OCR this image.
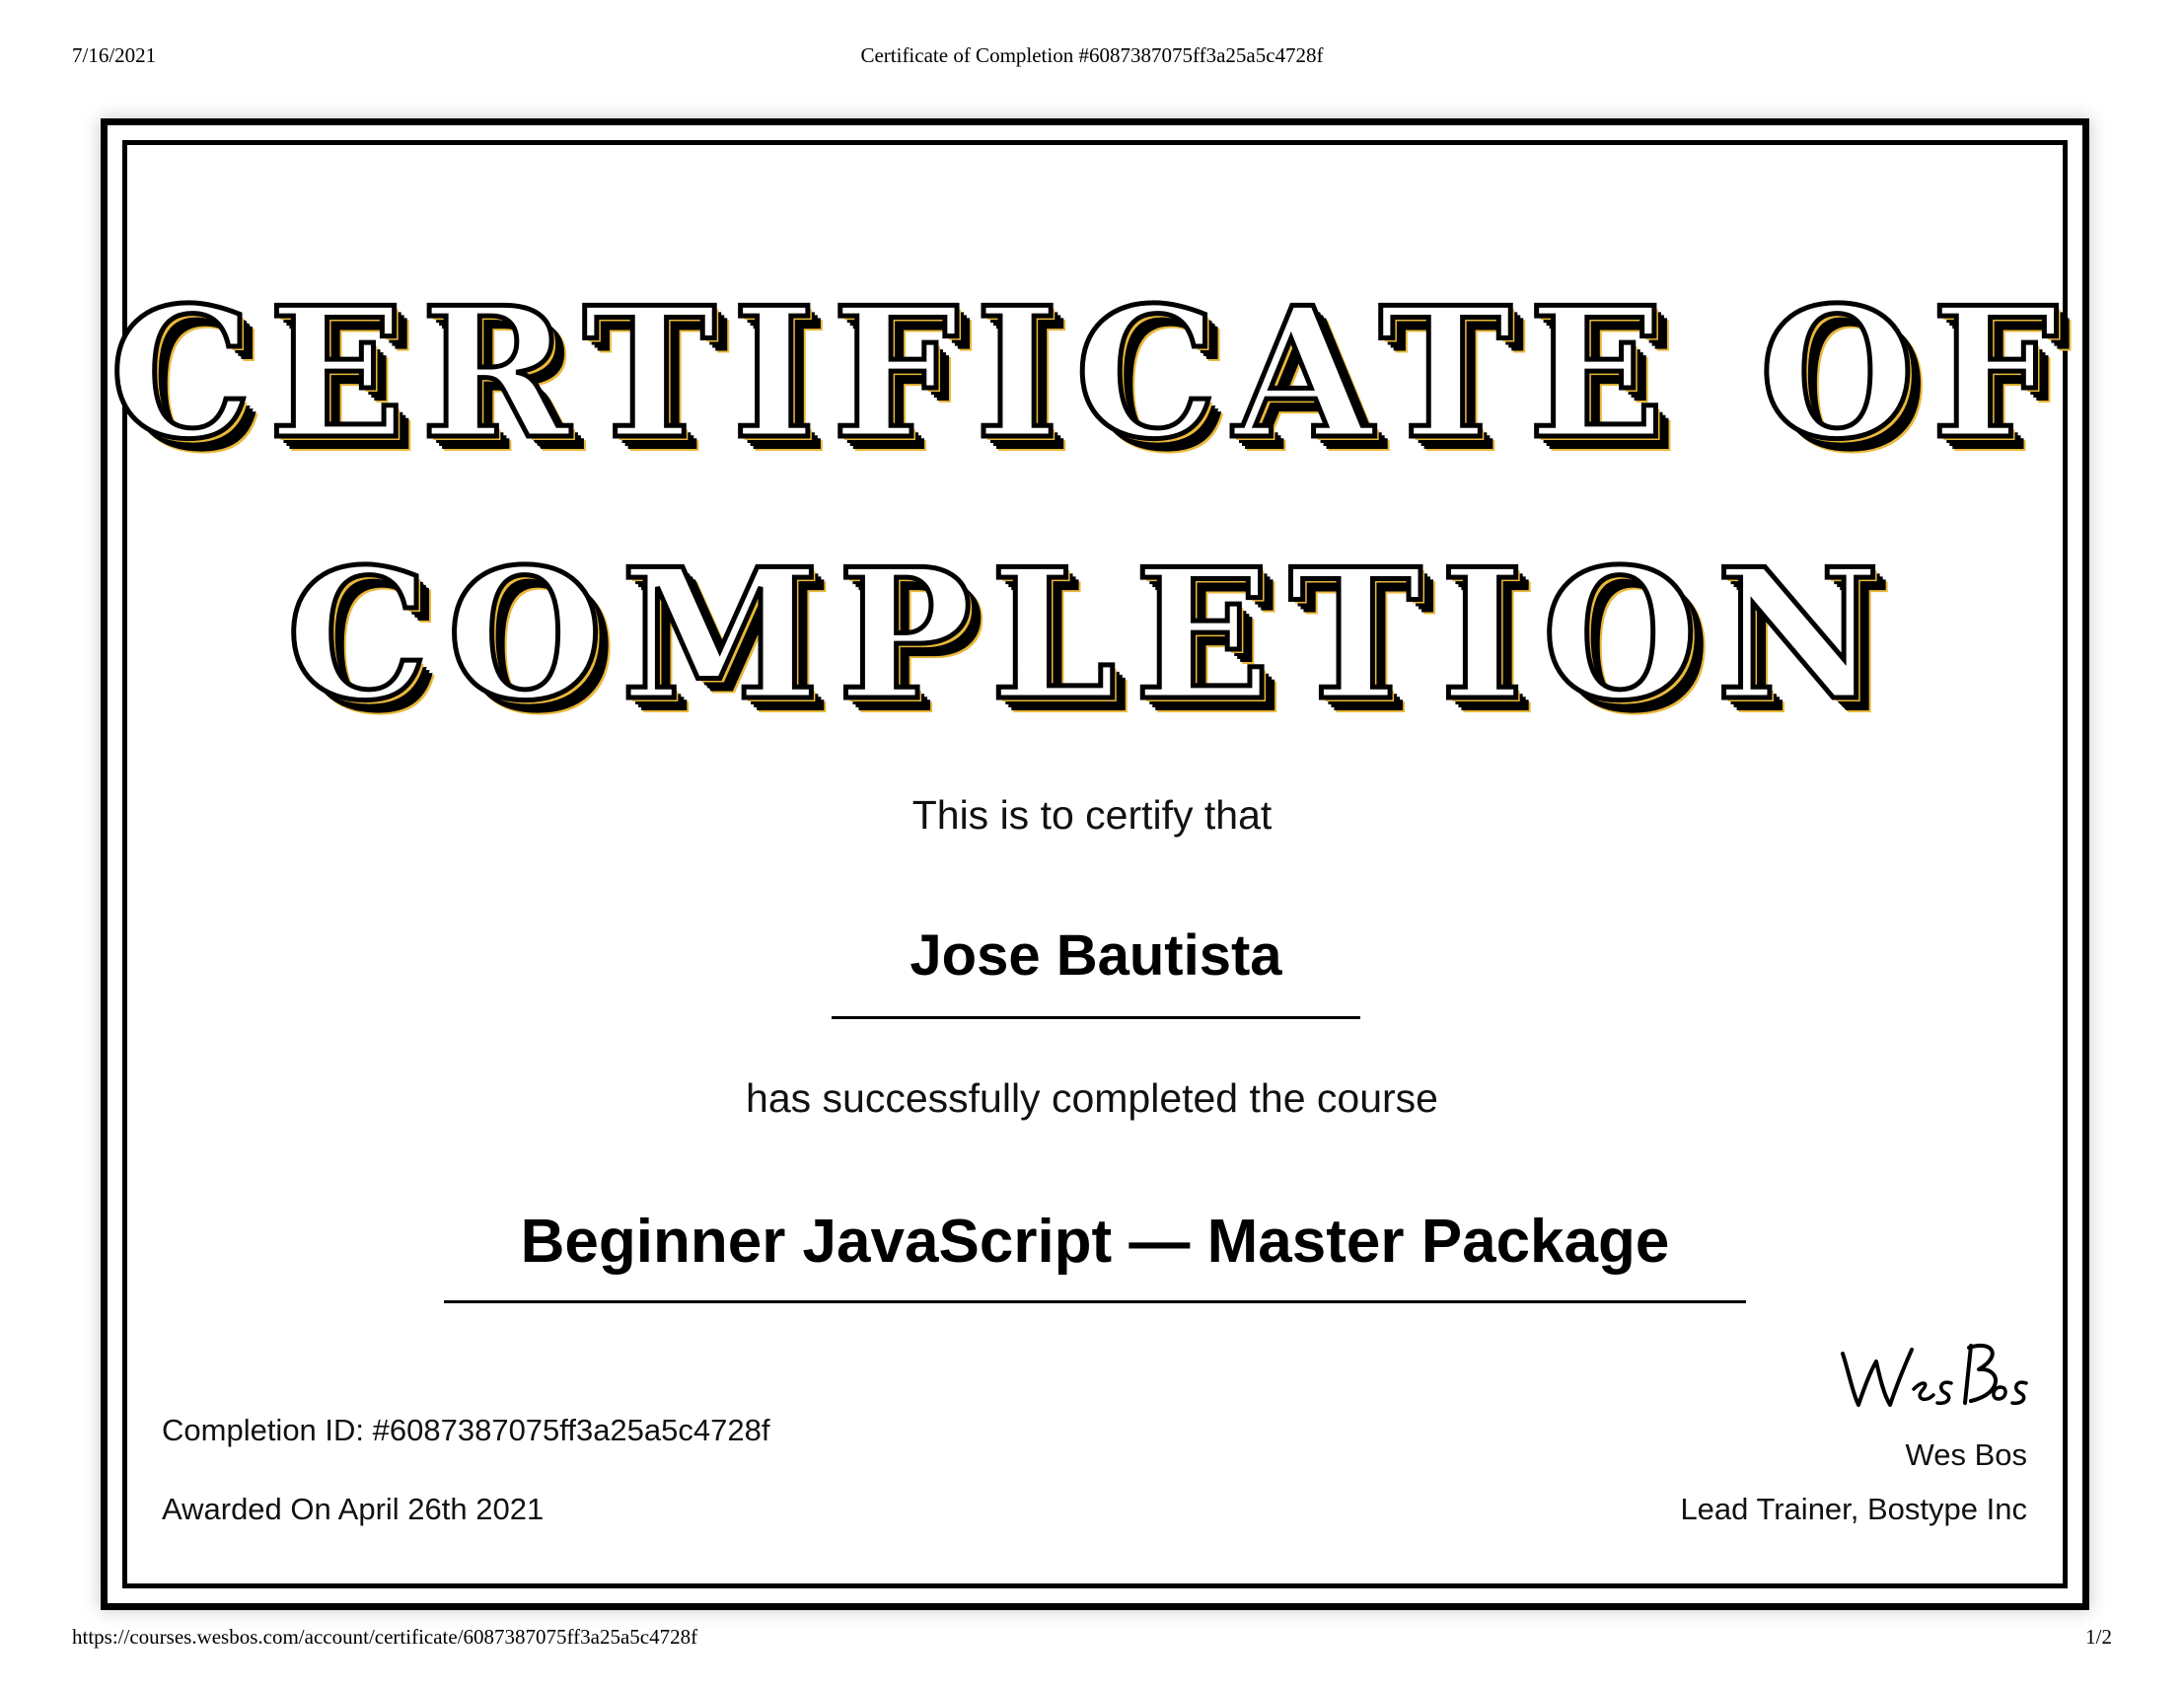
7/16/2021	Certificate of Completion #6087387075ff3a25a5c4728f
CERTIFICATE OF
COMPLETION
This is to certify that
Jose Bautista
has successfully completed the course
Beginner JavaScript — Master Package
Completion ID: #6087387075ff3a25a5c4728f
Awarded On April 26th 2021
Wes Bos
Lead Trainer, Bostype Inc
https://courses.wesbos.com/account/certificate/6087387075ff3a25a5c4728f	1/2
